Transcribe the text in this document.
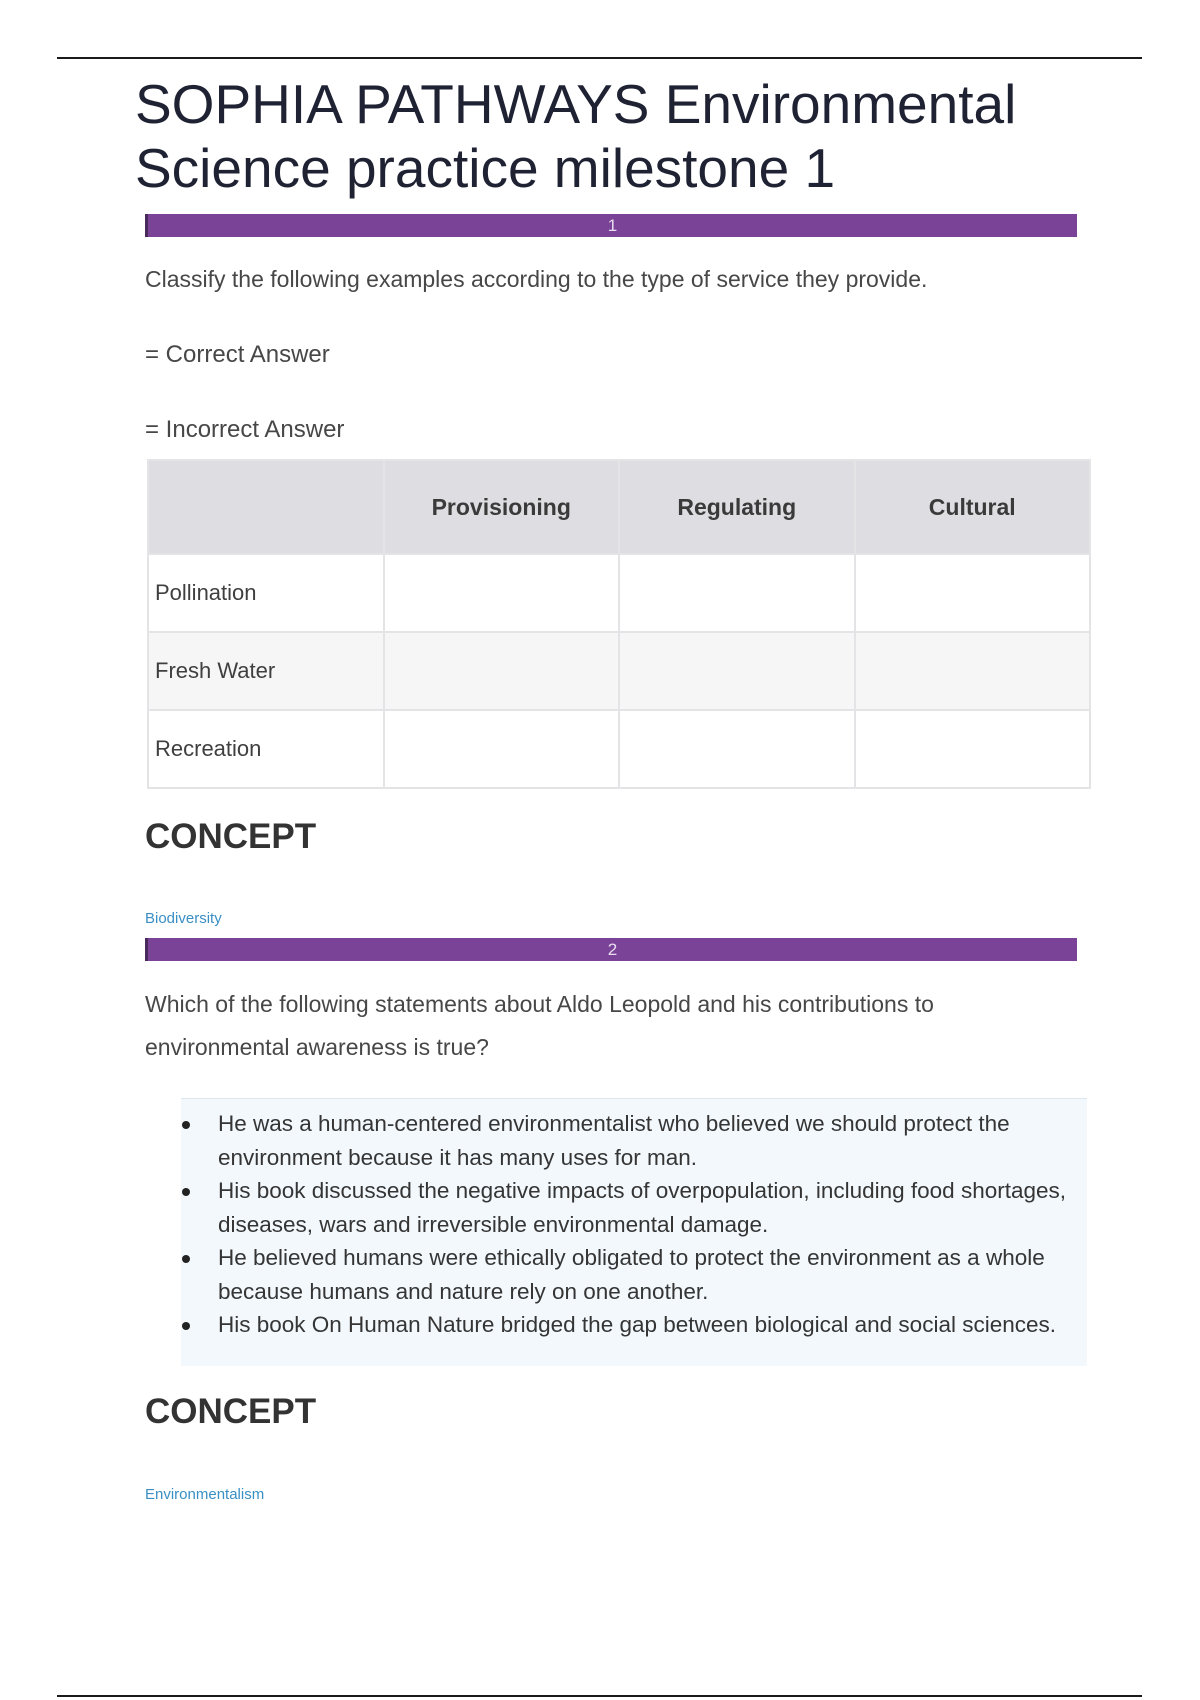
SOPHIA PATHWAYS Environmental Science practice milestone 1
1

Classify the following examples according to the type of service they provide.

= Correct Answer

= Incorrect Answer

	Provisioning	Regulating	Cultural
Pollination			
Fresh Water			
Recreation			
CONCEPT
Biodiversity
2

Which of the following statements about Aldo Leopold and his contributions to environmental awareness is true?

He was a human-centered environmentalist who believed we should protect the environment because it has many uses for man.
His book discussed the negative impacts of overpopulation, including food shortages, diseases, wars and irreversible environmental damage.
He believed humans were ethically obligated to protect the environment as a whole because humans and nature rely on one another.
His book On Human Nature bridged the gap between biological and social sciences.
CONCEPT
Environmentalism
